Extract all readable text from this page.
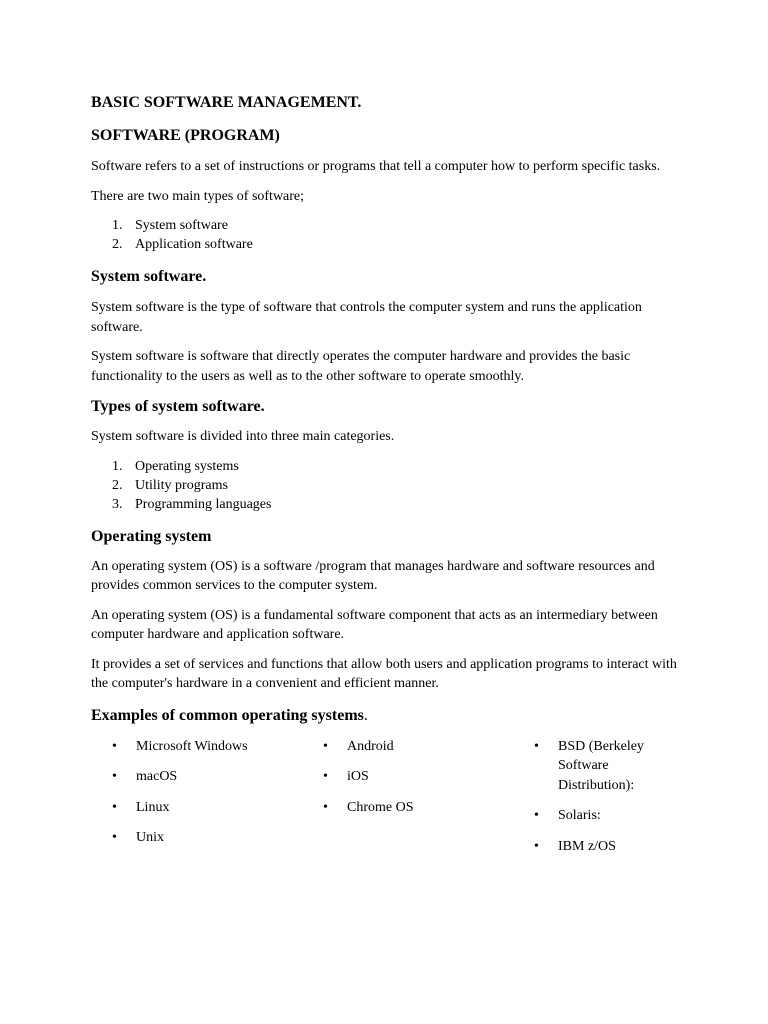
BASIC SOFTWARE MANAGEMENT.
SOFTWARE (PROGRAM)

Software refers to a set of instructions or programs that tell a computer how to perform specific tasks.

There are two main types of software;

1. System software
2. Application software
System software.

System software is the type of software that controls the computer system and runs the application software.

System software is software that directly operates the computer hardware and provides the basic functionality to the users as well as to the other software to operate smoothly.

Types of system software.

System software is divided into three main categories.

1. Operating systems
2. Utility programs
3. Programming languages
Operating system

An operating system (OS) is a software /program that manages hardware and software resources and provides common services to the computer system.

An operating system (OS) is a fundamental software component that acts as an intermediary between computer hardware and application software.

It provides a set of services and functions that allow both users and application programs to interact with the computer's hardware in a convenient and efficient manner.

Examples of common operating systems.
• Microsoft Windows
• macOS
• Linux
• Unix
• Android
• iOS
• Chrome OS
• BSD (Berkeley Software Distribution):
• Solaris:
• IBM z/OS
